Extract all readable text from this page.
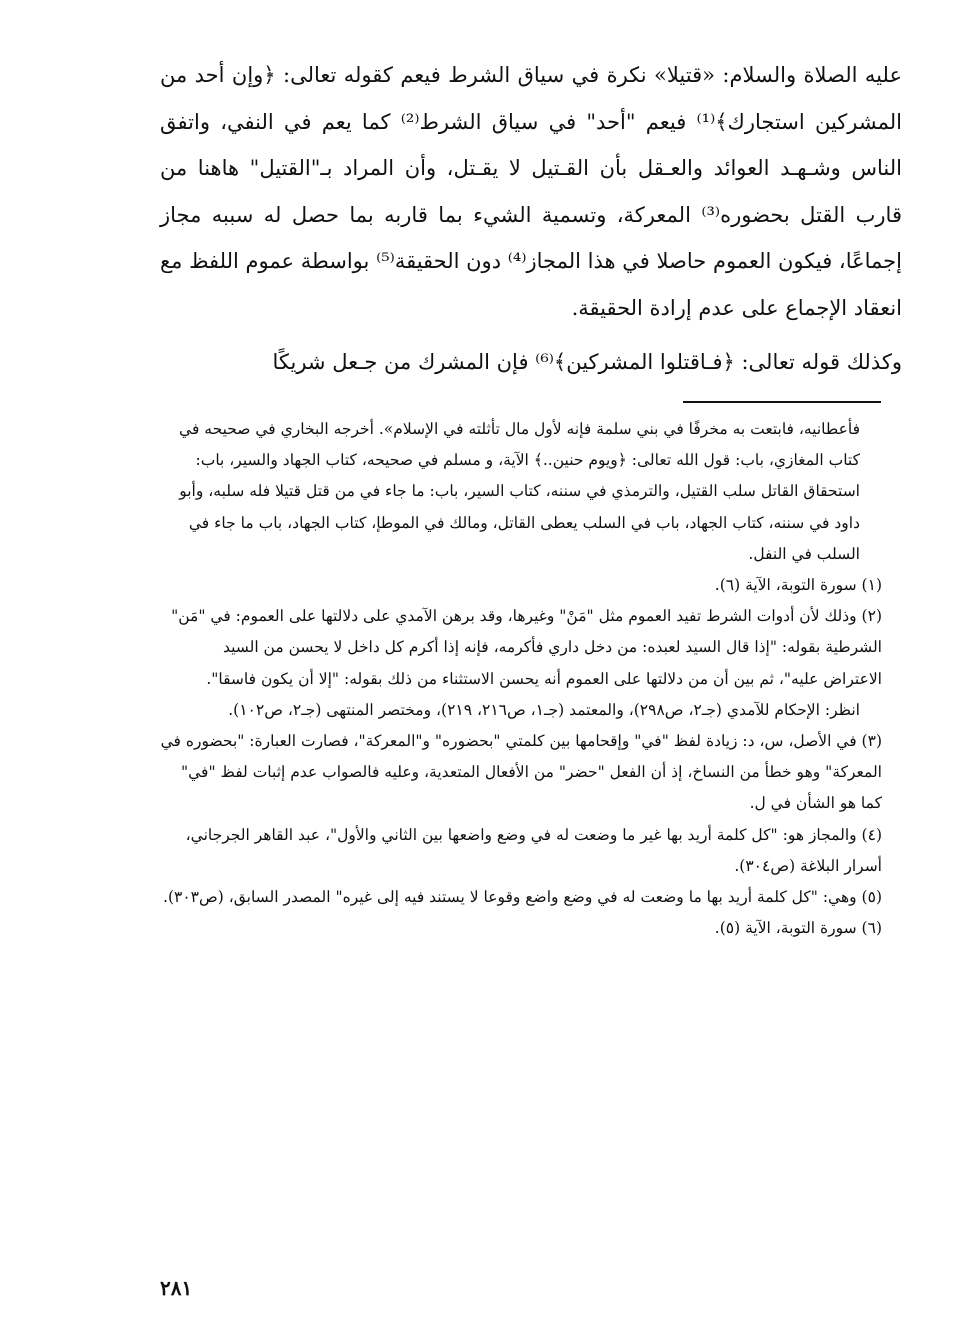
عليه الصلاة والسلام: «قتيلا» نكرة في سياق الشرط فيعم كقوله تعالى: ﴿وإن أحد من المشركين استجارك﴾⁽¹⁾ فيعم "أحد" في سياق الشرط⁽²⁾ كما يعم في النفي، واتفق الناس وشـهـد العوائد والعـقل بأن القـتيل لا يقـتل، وأن المراد بـ"القتيل" هاهنا من قارب القتل بحضوره⁽³⁾ المعركة، وتسمية الشيء بما قاربه بما حصل له سببه مجاز إجماعًا، فيكون العموم حاصلا في هذا المجاز⁽⁴⁾ دون الحقيقة⁽⁵⁾ بواسطة عموم اللفظ مع انعقاد الإجماع على عدم إرادة الحقيقة.

وكذلك قوله تعالى: ﴿فـاقتلوا المشركين﴾⁽⁶⁾ فإن المشرك من جـعل شريكًا

فأعطانيه، فابتعت به مخرفًا في بني سلمة فإنه لأول مال تأثلته في الإسلام». أخرجه البخاري في صحيحه في كتاب المغازي، باب: قول الله تعالى: ﴿ويوم حنين..﴾ الآية، و مسلم في صحيحه، كتاب الجهاد والسير، باب: استحقاق القاتل سلب القتيل، والترمذي في سننه، كتاب السير، باب: ما جاء في من قتل قتيلا فله سلبه، وأبو داود في سننه، كتاب الجهاد، باب في السلب يعطى القاتل، ومالك في الموطإ، كتاب الجهاد، باب ما جاء في السلب في النفل.
(١) سورة التوبة، الآية (٦).
(٢) وذلك لأن أدوات الشرط تفيد العموم مثل "مَنْ" وغيرها، وقد برهن الآمدي على دلالتها على العموم: في "مَن" الشرطية بقوله: "إذا قال السيد لعبده: من دخل داري فأكرمه، فإنه إذا أكرم كل داخل لا يحسن من السيد الاعتراض عليه"، ثم بين أن من دلالتها على العموم أنه يحسن الاستثناء من ذلك بقوله: "إلا أن يكون فاسقا".
انظر: الإحكام للآمدي (جـ٢، ص٢٩٨)، والمعتمد (جـ١، ص٢١٦، ٢١٩)، ومختصر المنتهى (جـ٢، ص١٠٢).
(٣) في الأصل، س، د: زيادة لفظ "في" وإقحامها بين كلمتي "بحضوره" و"المعركة"، فصارت العبارة: "بحضوره في المعركة" وهو خطأ من النساخ، إذ أن الفعل "حضر" من الأفعال المتعدية، وعليه فالصواب عدم إثبات لفظ "في" كما هو الشأن في ل.
(٤) والمجاز هو: "كل كلمة أريد بها غير ما وضعت له في وضع واضعها بين الثاني والأول"، عبد القاهر الجرجاني، أسرار البلاغة (ص٣٠٤).
(٥) وهي: "كل كلمة أريد بها ما وضعت له في وضع واضع وقوعا لا يستند فيه إلى غيره" المصدر السابق، (ص٣٠٣).
(٦) سورة التوبة، الآية (٥).
٢٨١
